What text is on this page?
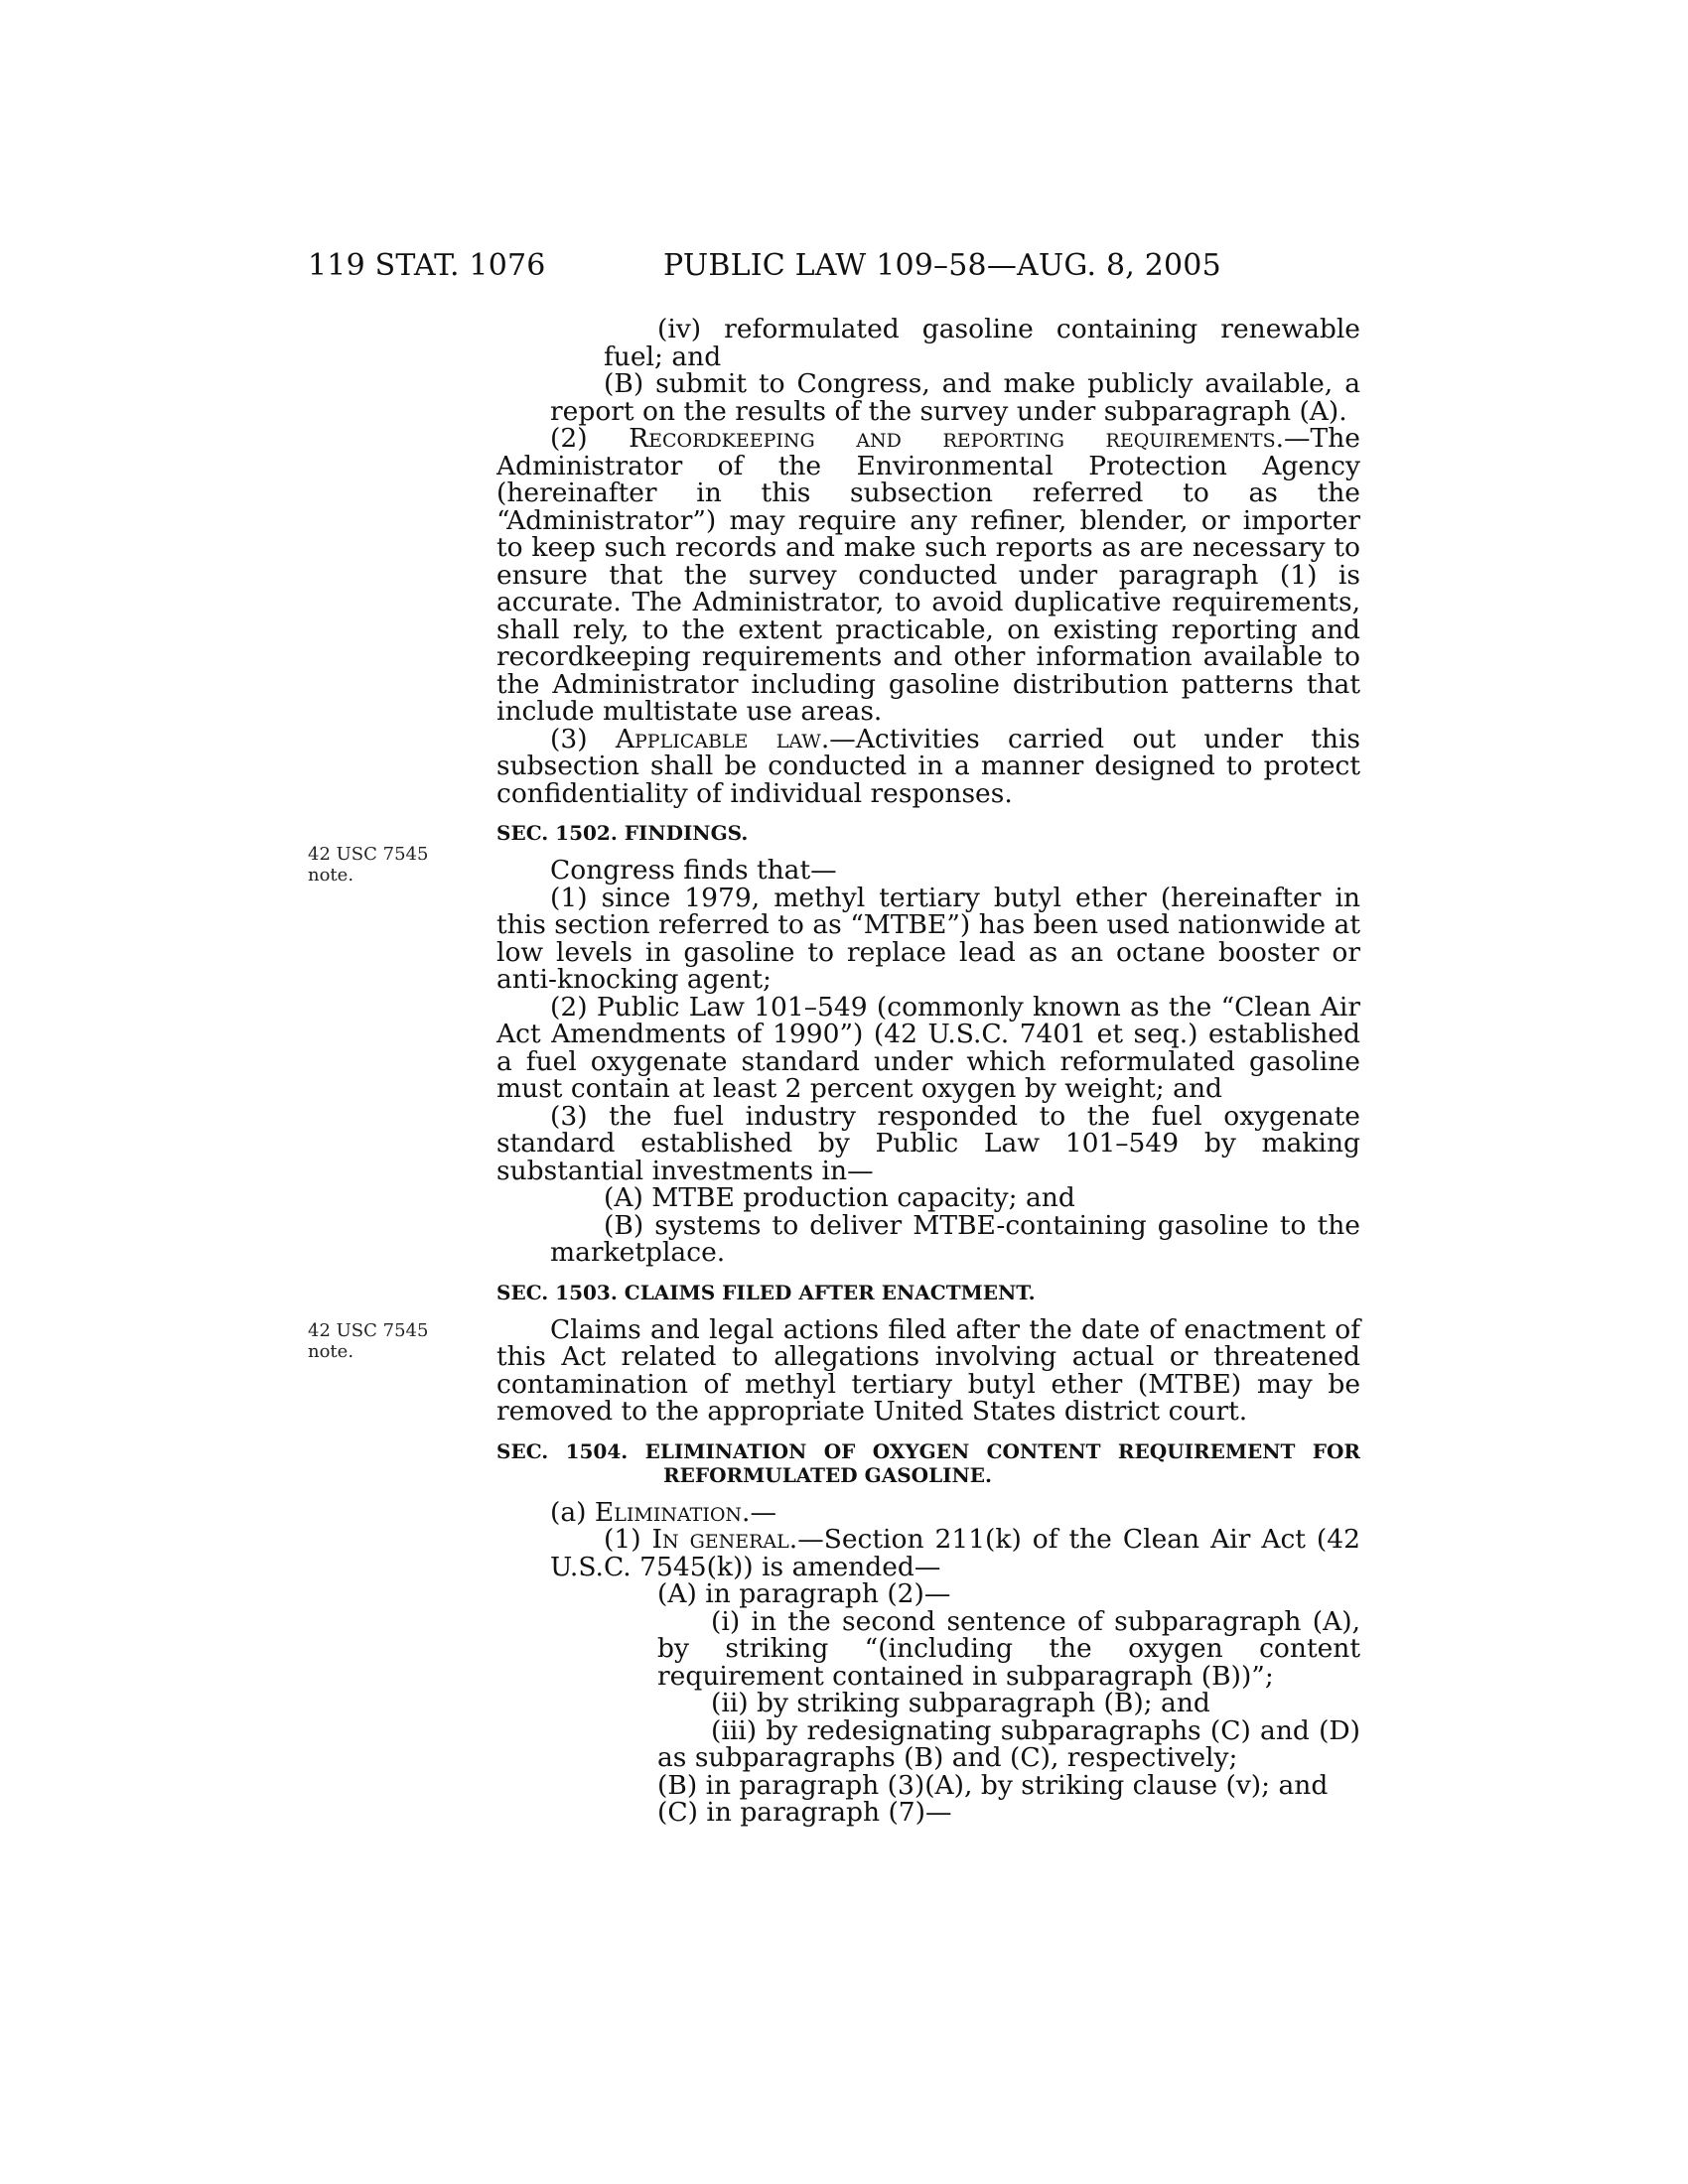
119 STAT. 1076	PUBLIC LAW 109–58—AUG. 8, 2005
42 USC 7545 note.
42 USC 7545 note.

(iv) reformulated gasoline containing renewable fuel; and

(B) submit to Congress, and make publicly available, a report on the results of the survey under subparagraph (A).

(2) Recordkeeping and reporting requirements.—The Administrator of the Environmental Protection Agency (hereinafter in this subsection referred to as the “Administrator”) may require any refiner, blender, or importer to keep such records and make such reports as are necessary to ensure that the survey conducted under paragraph (1) is accurate. The Administrator, to avoid duplicative requirements, shall rely, to the extent practicable, on existing reporting and recordkeeping requirements and other information available to the Administrator including gasoline distribution patterns that include multistate use areas.

(3) Applicable law.—Activities carried out under this subsection shall be conducted in a manner designed to protect confidentiality of individual responses.

SEC. 1502. FINDINGS.

Congress finds that—

(1) since 1979, methyl tertiary butyl ether (hereinafter in this section referred to as “MTBE”) has been used nationwide at low levels in gasoline to replace lead as an octane booster or anti-knocking agent;

(2) Public Law 101–549 (commonly known as the “Clean Air Act Amendments of 1990”) (42 U.S.C. 7401 et seq.) established a fuel oxygenate standard under which reformulated gasoline must contain at least 2 percent oxygen by weight; and

(3) the fuel industry responded to the fuel oxygenate standard established by Public Law 101–549 by making substantial investments in—

(A) MTBE production capacity; and

(B) systems to deliver MTBE-containing gasoline to the marketplace.

SEC. 1503. CLAIMS FILED AFTER ENACTMENT.

Claims and legal actions filed after the date of enactment of this Act related to allegations involving actual or threatened contamination of methyl tertiary butyl ether (MTBE) may be removed to the appropriate United States district court.

SEC. 1504. ELIMINATION OF OXYGEN CONTENT REQUIREMENT FOR REFORMULATED GASOLINE.

(a) Elimination.—

(1) In general.—Section 211(k) of the Clean Air Act (42 U.S.C. 7545(k)) is amended—

(A) in paragraph (2)—

(i) in the second sentence of subparagraph (A), by striking “(including the oxygen content requirement contained in subparagraph (B))”;

(ii) by striking subparagraph (B); and

(iii) by redesignating subparagraphs (C) and (D) as subparagraphs (B) and (C), respectively;

(B) in paragraph (3)(A), by striking clause (v); and

(C) in paragraph (7)—
